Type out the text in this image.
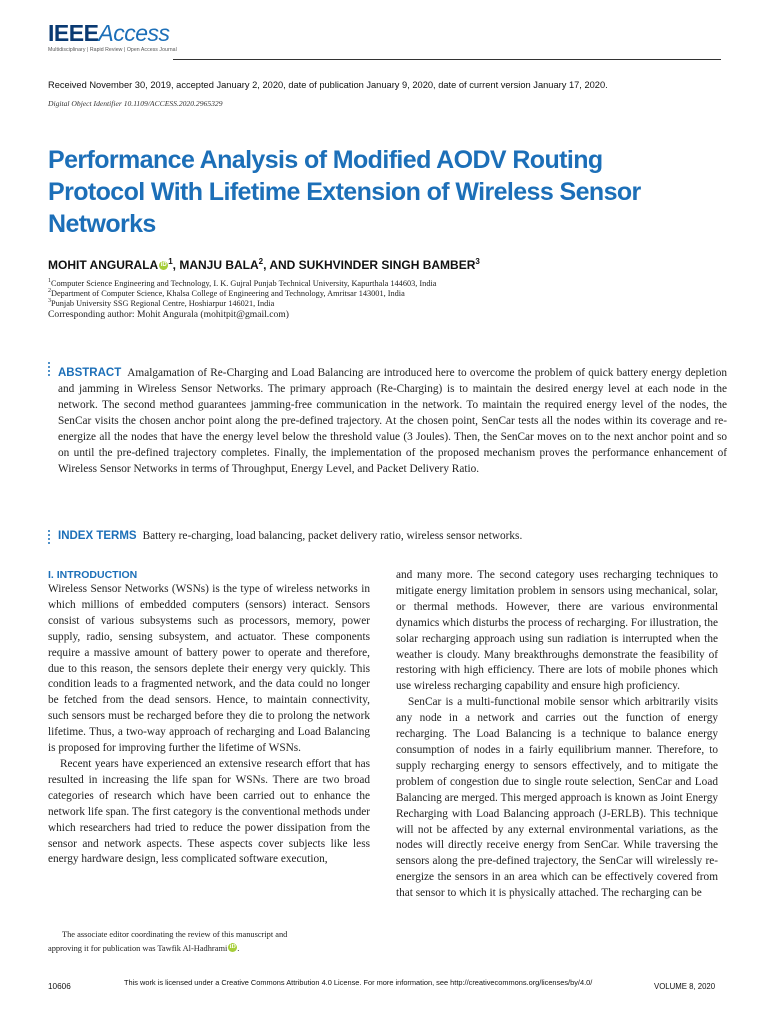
IEEEAccess
Multidisciplinary | Rapid Review | Open Access Journal
Received November 30, 2019, accepted January 2, 2020, date of publication January 9, 2020, date of current version January 17, 2020.
Digital Object Identifier 10.1109/ACCESS.2020.2965329
Performance Analysis of Modified AODV Routing Protocol With Lifetime Extension of Wireless Sensor Networks
MOHIT ANGURALA iD $^1$, MANJU BALA$^2$, AND SUKHVINDER SINGH BAMBER$^3$
$^1$Computer Science Engineering and Technology, I. K. Gujral Punjab Technical University, Kapurthala 144603, India
$^2$Department of Computer Science, Khalsa College of Engineering and Technology, Amritsar 143001, India
$^3$Punjab University SSG Regional Centre, Hoshiarpur 146021, India
Corresponding author: Mohit Angurala (mohitpit@gmail.com)
ABSTRACT Amalgamation of Re-Charging and Load Balancing are introduced here to overcome the problem of quick battery energy depletion and jamming in Wireless Sensor Networks. The primary approach (Re-Charging) is to maintain the desired energy level at each node in the network. The second method guarantees jamming-free communication in the network. To maintain the required energy level of the nodes, the SenCar visits the chosen anchor point along the pre-defined trajectory. At the chosen point, SenCar tests all the nodes within its coverage and re-energize all the nodes that have the energy level below the threshold value (3 Joules). Then, the SenCar moves on to the next anchor point and so on until the pre-defined trajectory completes. Finally, the implementation of the proposed mechanism proves the performance enhancement of Wireless Sensor Networks in terms of Throughput, Energy Level, and Packet Delivery Ratio.
INDEX TERMS Battery re-charging, load balancing, packet delivery ratio, wireless sensor networks.
I. INTRODUCTION

Wireless Sensor Networks (WSNs) is the type of wireless networks in which millions of embedded computers (sensors) interact. Sensors consist of various subsystems such as processors, memory, power supply, radio, sensing subsystem, and actuator. These components require a massive amount of battery power to operate and therefore, due to this reason, the sensors deplete their energy very quickly. This condition leads to a fragmented network, and the data could no longer be fetched from the dead sensors. Hence, to maintain connectivity, such sensors must be recharged before they die to prolong the network lifetime. Thus, a two-way approach of recharging and Load Balancing is proposed for improving further the lifetime of WSNs.

Recent years have experienced an extensive research effort that has resulted in increasing the life span for WSNs. There are two broad categories of research which have been carried out to enhance the network life span. The first category is the conventional methods under which researchers had tried to reduce the power dissipation from the sensor and network aspects. These aspects cover subjects like less energy hardware design, less complicated software execution,

and many more. The second category uses recharging techniques to mitigate energy limitation problem in sensors using mechanical, solar, or thermal methods. However, there are various environmental dynamics which disturbs the process of recharging. For illustration, the solar recharging approach using sun radiation is interrupted when the weather is cloudy. Many breakthroughs demonstrate the feasibility of restoring with high efficiency. There are lots of mobile phones which use wireless recharging capability and ensure high proficiency.

SenCar is a multi-functional mobile sensor which arbitrarily visits any node in a network and carries out the function of energy recharging. The Load Balancing is a technique to balance energy consumption of nodes in a fairly equilibrium manner. Therefore, to supply recharging energy to sensors effectively, and to mitigate the problem of congestion due to single route selection, SenCar and Load Balancing are merged. This merged approach is known as Joint Energy Recharging with Load Balancing approach (J-ERLB). This technique will not be affected by any external environmental variations, as the nodes will directly receive energy from SenCar. While traversing the sensors along the pre-defined trajectory, the SenCar will wirelessly re-energize the sensors in an area which can be effectively covered from that sensor to which it is physically attached. The recharging can be

The associate editor coordinating the review of this manuscript and
approving it for publication was Tawfik Al-Hadhrami iD .
10606	This work is licensed under a Creative Commons Attribution 4.0 License. For more information, see http://creativecommons.org/licenses/by/4.0/	VOLUME 8, 2020
